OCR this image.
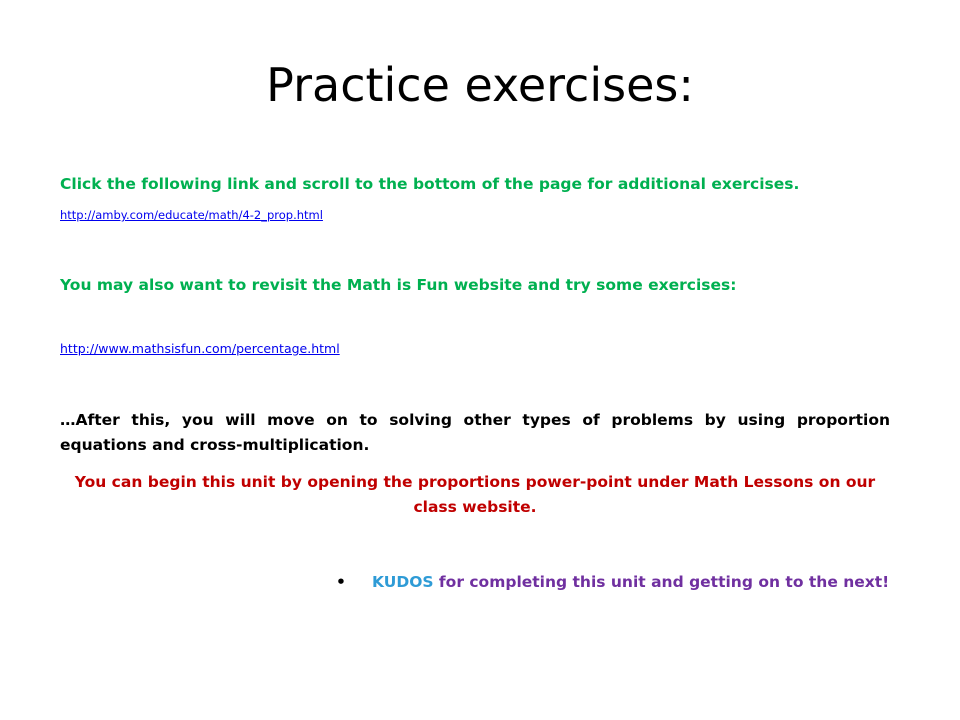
Practice exercises:
Click the following link and scroll to the bottom of the page for additional exercises.
http://amby.com/educate/math/4-2_prop.html
You may also want to revisit the Math is Fun website and try some exercises:
http://www.mathsisfun.com/percentage.html
…After this, you will move on to solving other types of problems by using proportion equations and cross-multiplication.
You can begin this unit by opening the proportions power-point under Math Lessons on our class website.
• KUDOS for completing this unit and getting on to the next!
